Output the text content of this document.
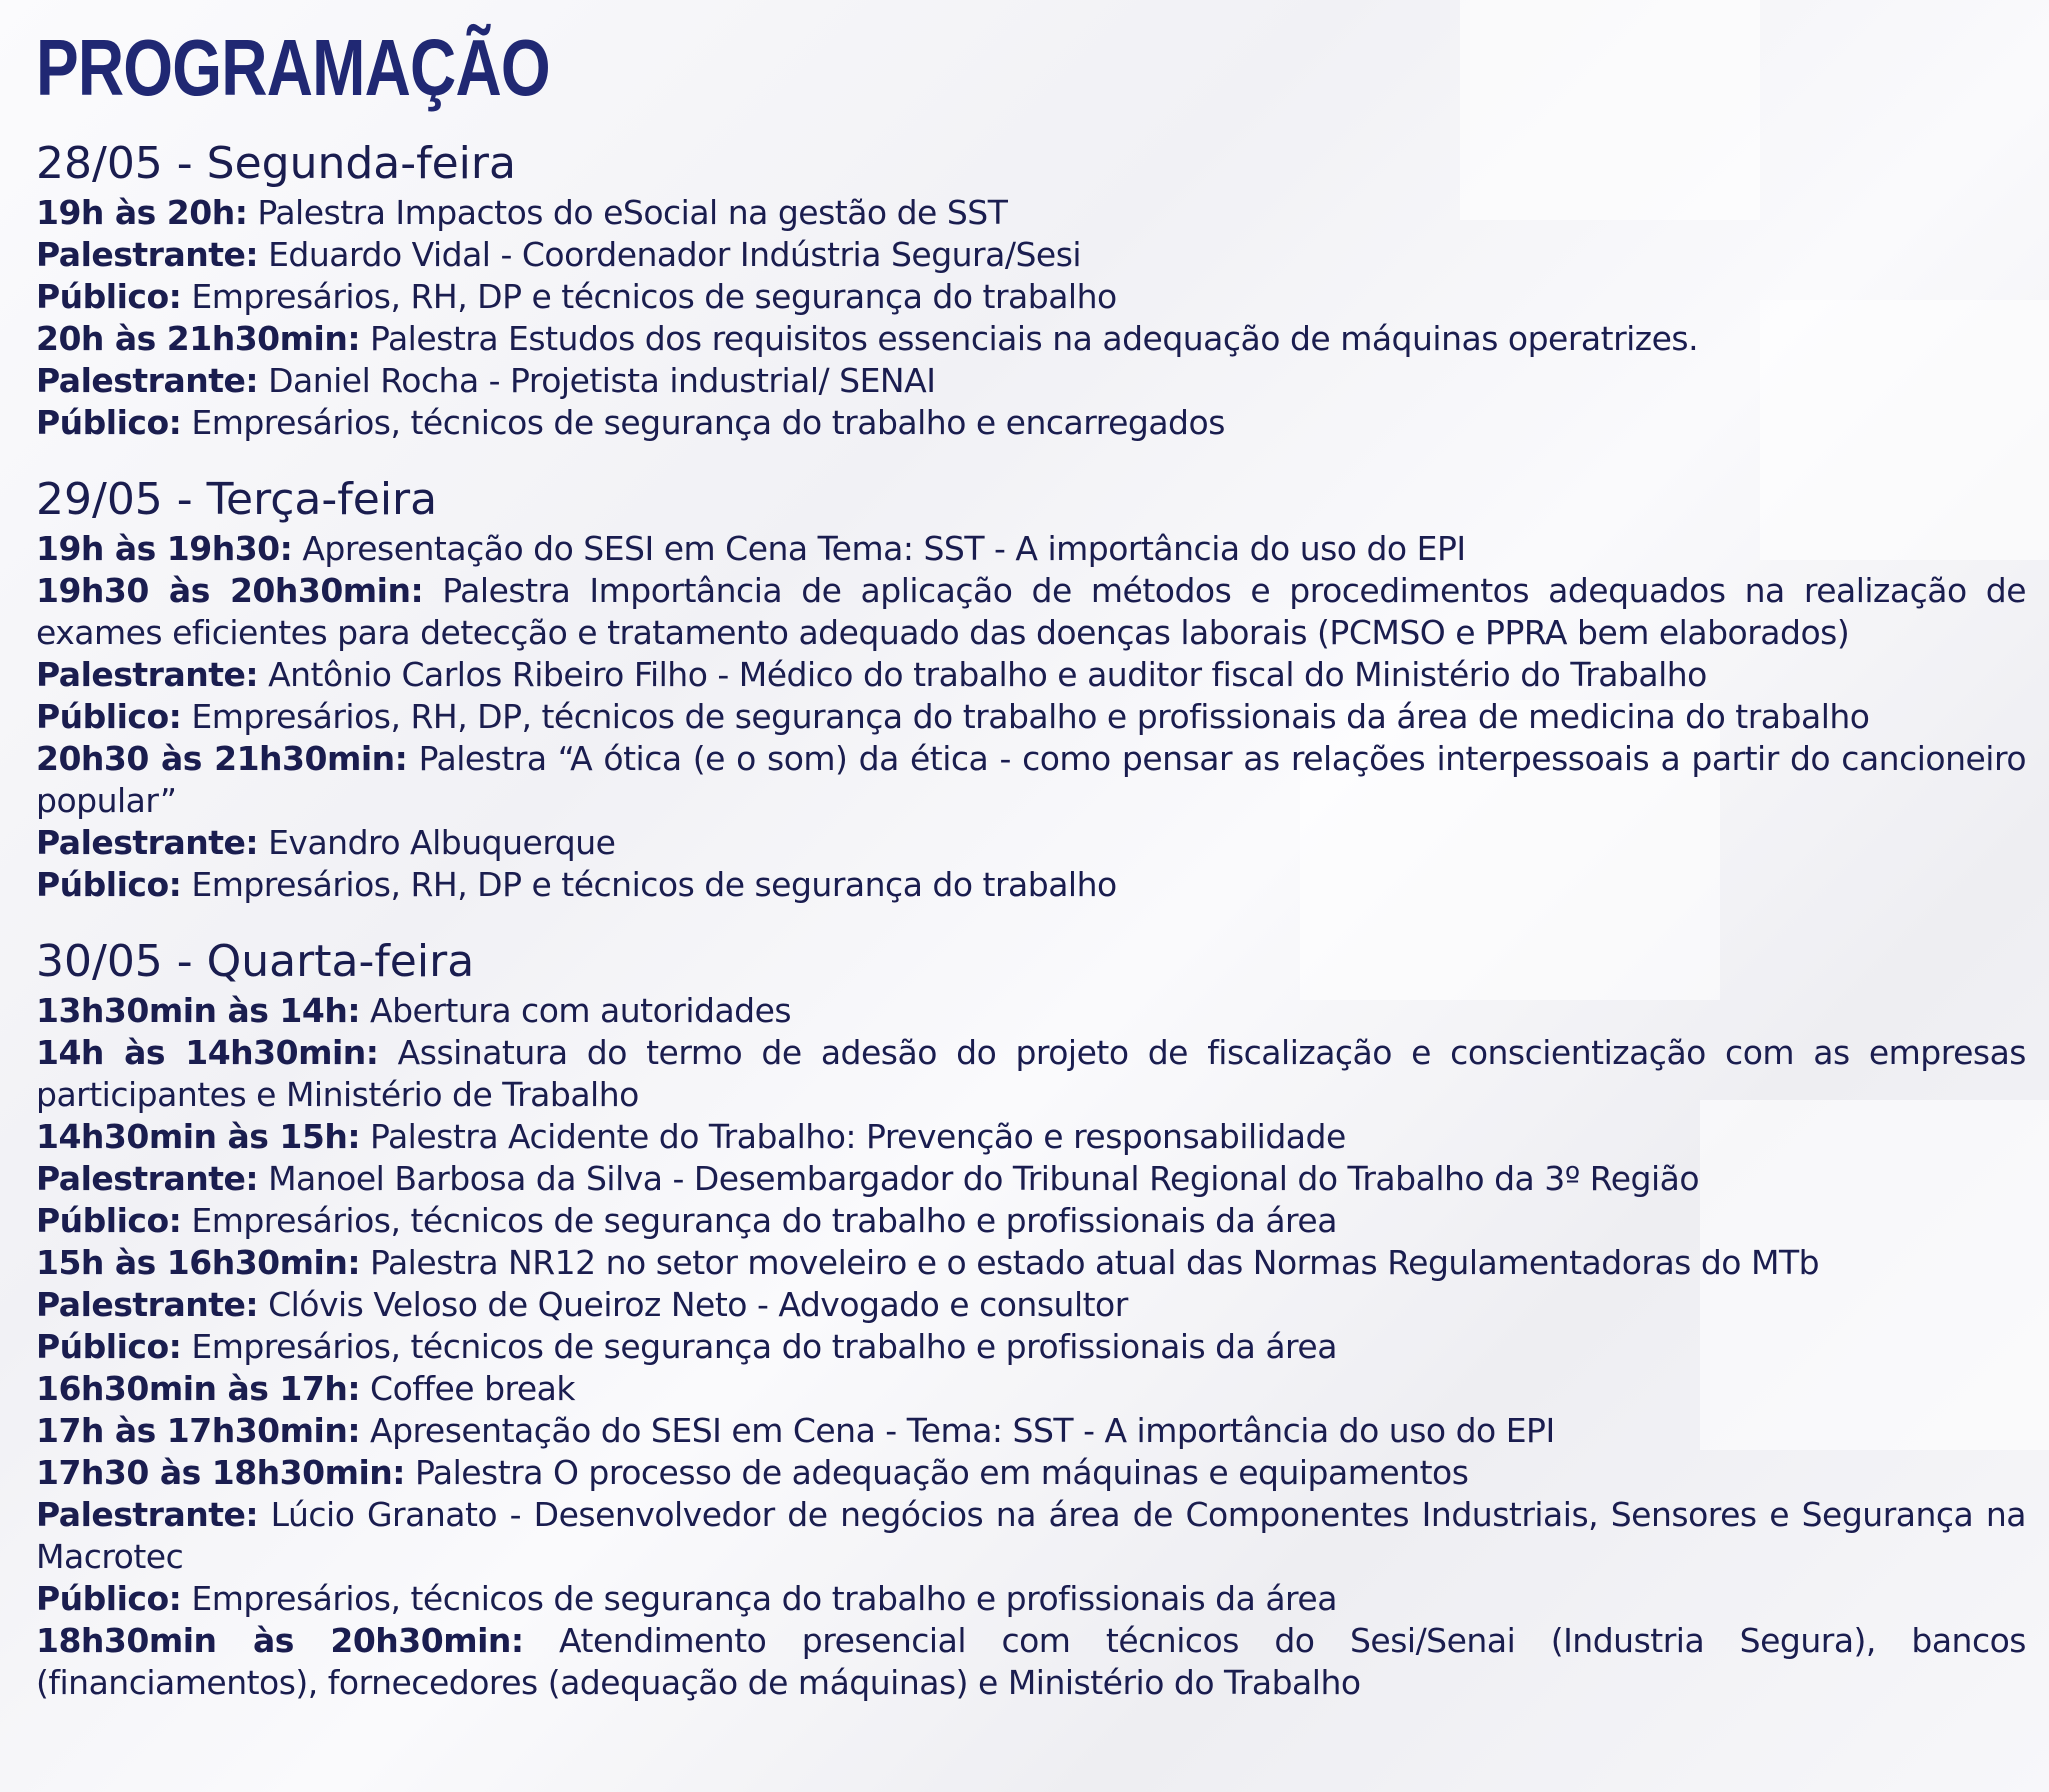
PROGRAMAÇÃO
28/05 - Segunda-feira

19h às 20h: Palestra Impactos do eSocial na gestão de SST

Palestrante: Eduardo Vidal - Coordenador Indústria Segura/Sesi

Público: Empresários, RH, DP e técnicos de segurança do trabalho

20h às 21h30min: Palestra Estudos dos requisitos essenciais na adequação de máquinas operatrizes.

Palestrante: Daniel Rocha - Projetista industrial/ SENAI

Público: Empresários, técnicos de segurança do trabalho e encarregados

29/05 - Terça-feira

19h às 19h30: Apresentação do SESI em Cena Tema: SST - A importância do uso do EPI

19h30 às 20h30min: Palestra Importância de aplicação de métodos e procedimentos adequados na realização de exames eficientes para detecção e tratamento adequado das doenças laborais (PCMSO e PPRA bem elaborados)

Palestrante: Antônio Carlos Ribeiro Filho - Médico do trabalho e auditor fiscal do Ministério do Trabalho

Público: Empresários, RH, DP, técnicos de segurança do trabalho e profissionais da área de medicina do trabalho

20h30 às 21h30min: Palestra “A ótica (e o som) da ética - como pensar as relações interpessoais a partir do cancioneiro popular”

Palestrante: Evandro Albuquerque

Público: Empresários, RH, DP e técnicos de segurança do trabalho

30/05 - Quarta-feira

13h30min às 14h: Abertura com autoridades

14h às 14h30min: Assinatura do termo de adesão do projeto de fiscalização e conscientização com as empresas participantes e Ministério de Trabalho

14h30min às 15h: Palestra Acidente do Trabalho: Prevenção e responsabilidade

Palestrante: Manoel Barbosa da Silva - Desembargador do Tribunal Regional do Trabalho da 3º Região

Público: Empresários, técnicos de segurança do trabalho e profissionais da área

15h às 16h30min: Palestra NR12 no setor moveleiro e o estado atual das Normas Regulamentadoras do MTb

Palestrante: Clóvis Veloso de Queiroz Neto - Advogado e consultor

Público: Empresários, técnicos de segurança do trabalho e profissionais da área

16h30min às 17h: Coffee break

17h às 17h30min: Apresentação do SESI em Cena - Tema: SST - A importância do uso do EPI

17h30 às 18h30min: Palestra O processo de adequação em máquinas e equipamentos

Palestrante: Lúcio Granato - Desenvolvedor de negócios na área de Componentes Industriais, Sensores e Segurança na Macrotec

Público: Empresários, técnicos de segurança do trabalho e profissionais da área

18h30min às 20h30min: Atendimento presencial com técnicos do Sesi/Senai (Industria Segura), bancos (financiamentos), fornecedores (adequação de máquinas) e Ministério do Trabalho
